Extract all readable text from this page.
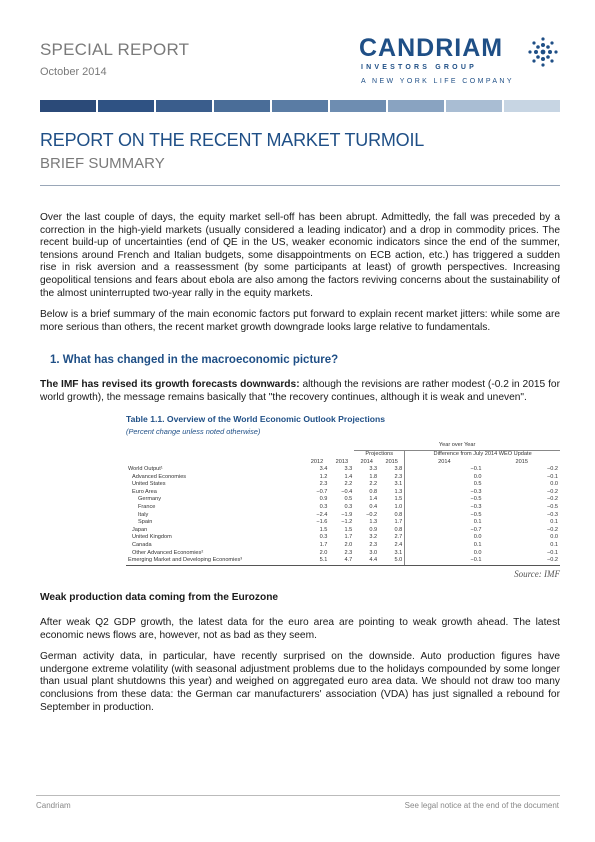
SPECIAL REPORT
October 2014
CANDRIAM
INVESTORS GROUP
A NEW YORK LIFE COMPANY
REPORT ON THE RECENT MARKET TURMOIL
BRIEF SUMMARY

Over the last couple of days, the equity market sell-off has been abrupt. Admittedly, the fall was preceded by a correction in the high-yield markets (usually considered a leading indicator) and a drop in commodity prices. The recent build-up of uncertainties (end of QE in the US, weaker economic indicators since the end of the summer, tensions around French and Italian budgets, some disappointments on ECB action, etc.) has triggered a sudden rise in risk aversion and a reassessment (by some participants at least) of growth perspectives. Increasing geopolitical tensions and fears about ebola are also among the factors reviving concerns about the sustainability of the almost uninterrupted two-year rally in the equity markets.

Below is a brief summary of the main economic factors put forward to explain recent market jitters: while some are more serious than others, the recent market growth downgrade looks large relative to fundamentals.

1. What has changed in the macroeconomic picture?

The IMF has revised its growth forecasts downwards: although the revisions are rather modest (-0.2 in 2015 for world growth), the message remains basically that "the recovery continues, although it is weak and uneven".

Table 1.1. Overview of the World Economic Outlook Projections
(Percent change unless noted otherwise)
			Year over Year			
			Projections		Difference from July 2014 WEO Update	
	2012	2013	2014	2015	2014	2015
World Output¹	3.4	3.3	3.3	3.8	−0.1	−0.2
Advanced Economies	1.2	1.4	1.8	2.3	0.0	−0.1
United States	2.3	2.2	2.2	3.1	0.5	0.0
Euro Area	−0.7	−0.4	0.8	1.3	−0.3	−0.2
Germany	0.9	0.5	1.4	1.5	−0.5	−0.2
France	0.3	0.3	0.4	1.0	−0.3	−0.5
Italy	−2.4	−1.9	−0.2	0.8	−0.5	−0.3
Spain	−1.6	−1.2	1.3	1.7	0.1	0.1
Japan	1.5	1.5	0.9	0.8	−0.7	−0.2
United Kingdom	0.3	1.7	3.2	2.7	0.0	0.0
Canada	1.7	2.0	2.3	2.4	0.1	0.1
Other Advanced Economies²	2.0	2.3	3.0	3.1	0.0	−0.1
Emerging Market and Developing Economies³	5.1	4.7	4.4	5.0	−0.1	−0.2
Source: IMF
Weak production data coming from the Eurozone

After weak Q2 GDP growth, the latest data for the euro area are pointing to weak growth ahead. The latest economic news flows are, however, not as bad as they seem.

German activity data, in particular, have recently surprised on the downside. Auto production figures have undergone extreme volatility (with seasonal adjustment problems due to the holidays compounded by some longer than usual plant shutdowns this year) and weighed on aggregated euro area data. We should not draw too many conclusions from these data: the German car manufacturers' association (VDA) has just signalled a rebound for September in production.

Candriam	See legal notice at the end of the document
